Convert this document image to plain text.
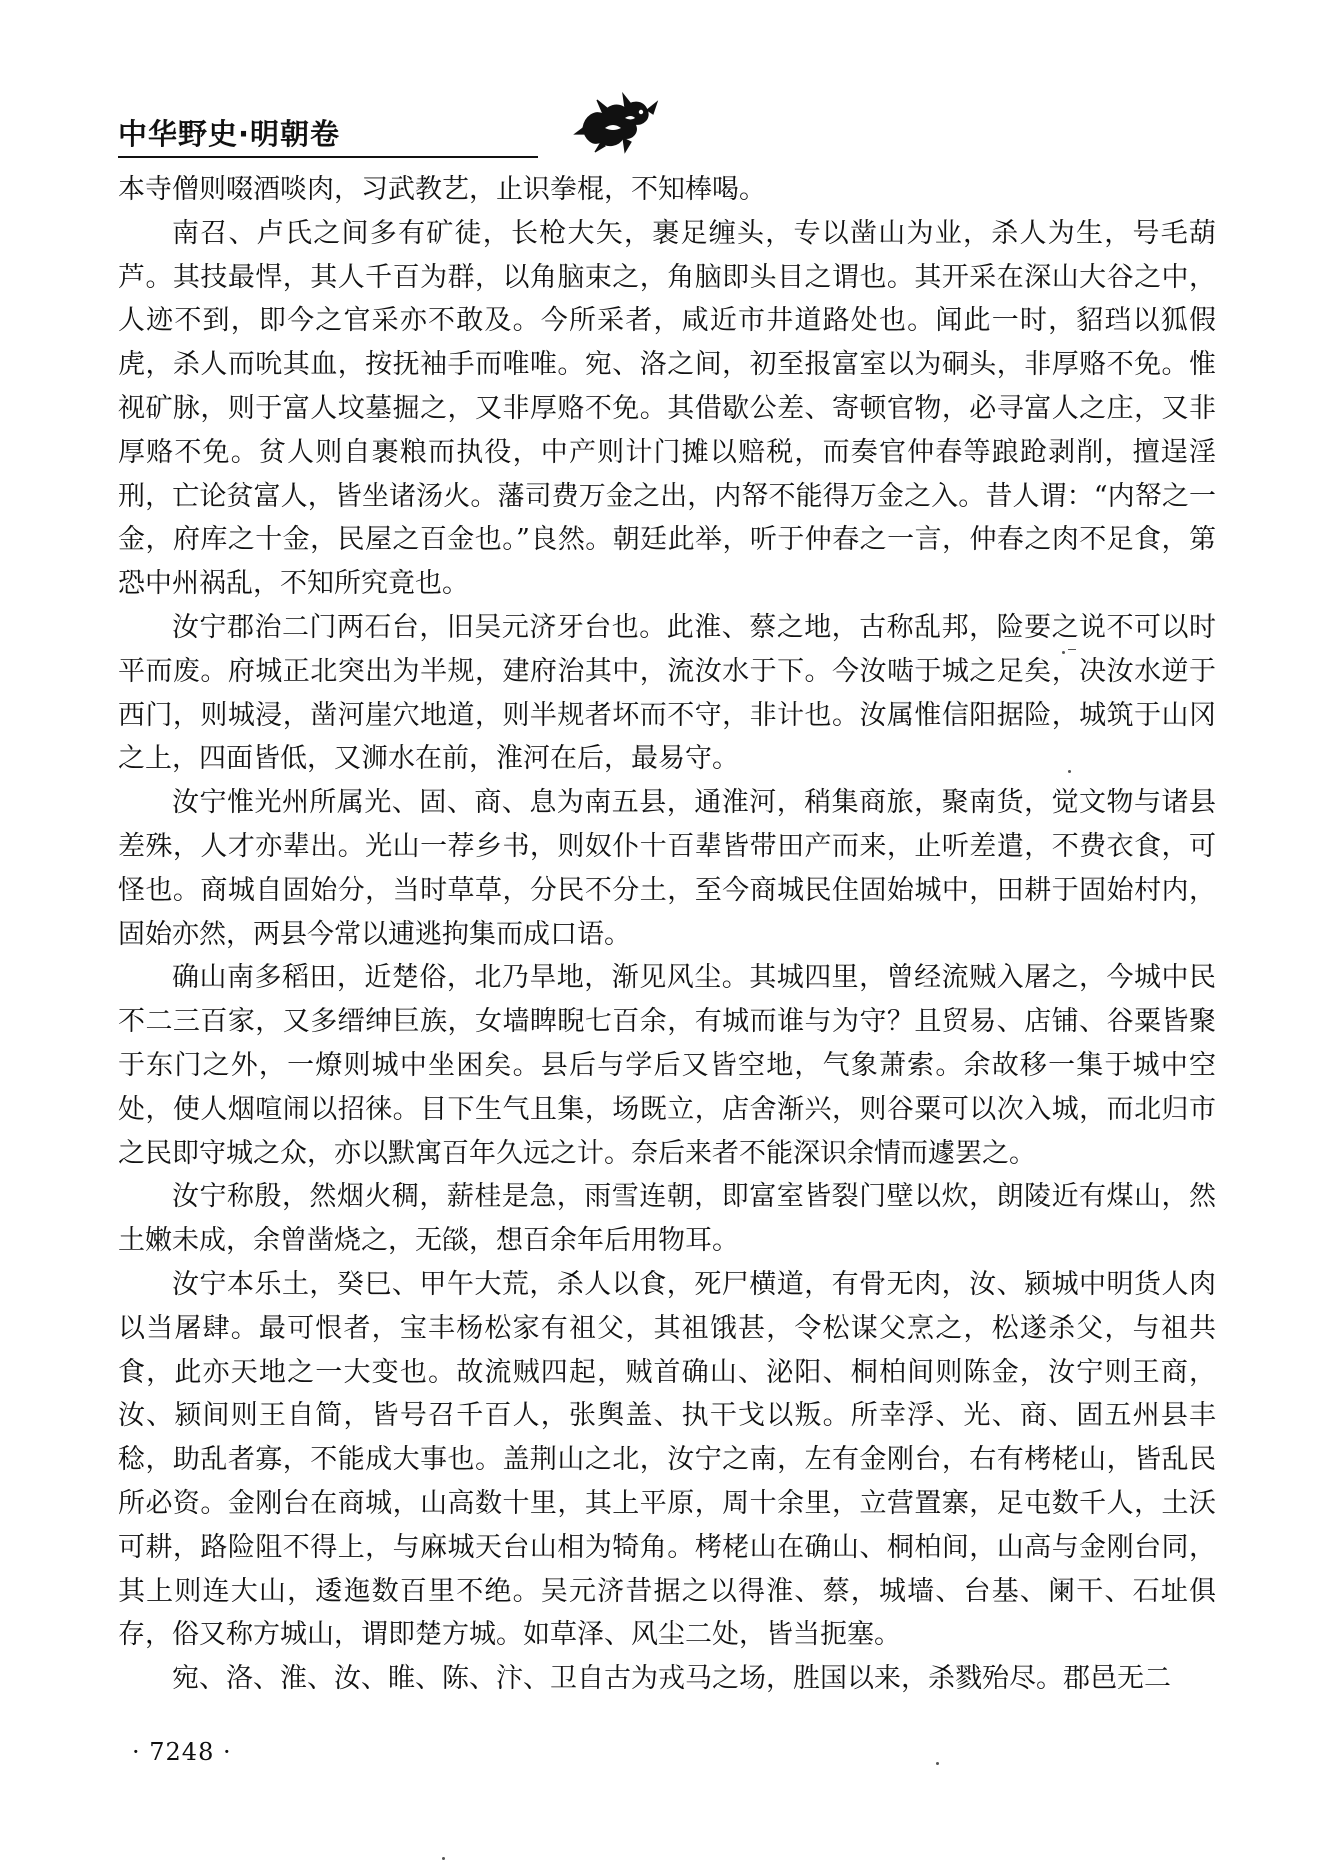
中华野史·明朝卷

本寺僧则啜酒啖肉，习武教艺，止识拳棍，不知棒喝。

南召、卢氏之间多有矿徒，长枪大矢，裹足缠头，专以凿山为业，杀人为生，号毛葫芦。其技最悍，其人千百为群，以角脑束之，角脑即头目之谓也。其开采在深山大谷之中，人迹不到，即今之官采亦不敢及。今所采者，咸近市井道路处也。闻此一时，貂珰以狐假虎，杀人而吮其血，按抚袖手而唯唯。宛、洛之间，初至报富室以为硐头，非厚赂不免。惟视矿脉，则于富人坟墓掘之，又非厚赂不免。其借歇公差、寄顿官物，必寻富人之庄，又非厚赂不免。贫人则自裹粮而执役，中产则计门摊以赔税，而奏官仲春等踉跄剥削，擅逞淫刑，亡论贫富人，皆坐诸汤火。藩司费万金之出，内帑不能得万金之入。昔人谓：“内帑之一金，府库之十金，民屋之百金也。”良然。朝廷此举，听于仲春之一言，仲春之肉不足食，第恐中州祸乱，不知所究竟也。

汝宁郡治二门两石台，旧吴元济牙台也。此淮、蔡之地，古称乱邦，险要之说不可以时平而废。府城正北突出为半规，建府治其中，流汝水于下。今汝啮于城之足矣，决汝水逆于西门，则城浸，凿河崖穴地道，则半规者坏而不守，非计也。汝属惟信阳据险，城筑于山冈之上，四面皆低，又浉水在前，淮河在后，最易守。

汝宁惟光州所属光、固、商、息为南五县，通淮河，稍集商旅，聚南货，觉文物与诸县差殊，人才亦辈出。光山一荐乡书，则奴仆十百辈皆带田产而来，止听差遣，不费衣食，可怪也。商城自固始分，当时草草，分民不分土，至今商城民住固始城中，田耕于固始村内，固始亦然，两县今常以逋逃拘集而成口语。

确山南多稻田，近楚俗，北乃旱地，渐见风尘。其城四里，曾经流贼入屠之，今城中民不二三百家，又多缙绅巨族，女墙睥睨七百余，有城而谁与为守？且贸易、店铺、谷粟皆聚于东门之外，一燎则城中坐困矣。县后与学后又皆空地，气象萧索。余故移一集于城中空处，使人烟喧闹以招徕。目下生气且集，场既立，店舍渐兴，则谷粟可以次入城，而北归市之民即守城之众，亦以默寓百年久远之计。奈后来者不能深识余情而遽罢之。

汝宁称殷，然烟火稠，薪桂是急，雨雪连朝，即富室皆裂门壁以炊，朗陵近有煤山，然土嫩未成，余曾凿烧之，无燄，想百余年后用物耳。

汝宁本乐土，癸巳、甲午大荒，杀人以食，死尸横道，有骨无肉，汝、颍城中明货人肉以当屠肆。最可恨者，宝丰杨松家有祖父，其祖饿甚，令松谋父烹之，松遂杀父，与祖共食，此亦天地之一大变也。故流贼四起，贼首确山、泌阳、桐柏间则陈金，汝宁则王商，汝、颍间则王自简，皆号召千百人，张舆盖、执干戈以叛。所幸浮、光、商、固五州县丰稔，助乱者寡，不能成大事也。盖荆山之北，汝宁之南，左有金刚台，右有栲栳山，皆乱民所必资。金刚台在商城，山高数十里，其上平原，周十余里，立营置寨，足屯数千人，土沃可耕，路险阻不得上，与麻城天台山相为犄角。栲栳山在确山、桐柏间，山高与金刚台同，其上则连大山，逶迤数百里不绝。吴元济昔据之以得淮、蔡，城墙、台基、阑干、石址俱存，俗又称方城山，谓即楚方城。如草泽、风尘二处，皆当扼塞。

宛、洛、淮、汝、睢、陈、汴、卫自古为戎马之场，胜国以来，杀戮殆尽。郡邑无二

· 7248 ·
